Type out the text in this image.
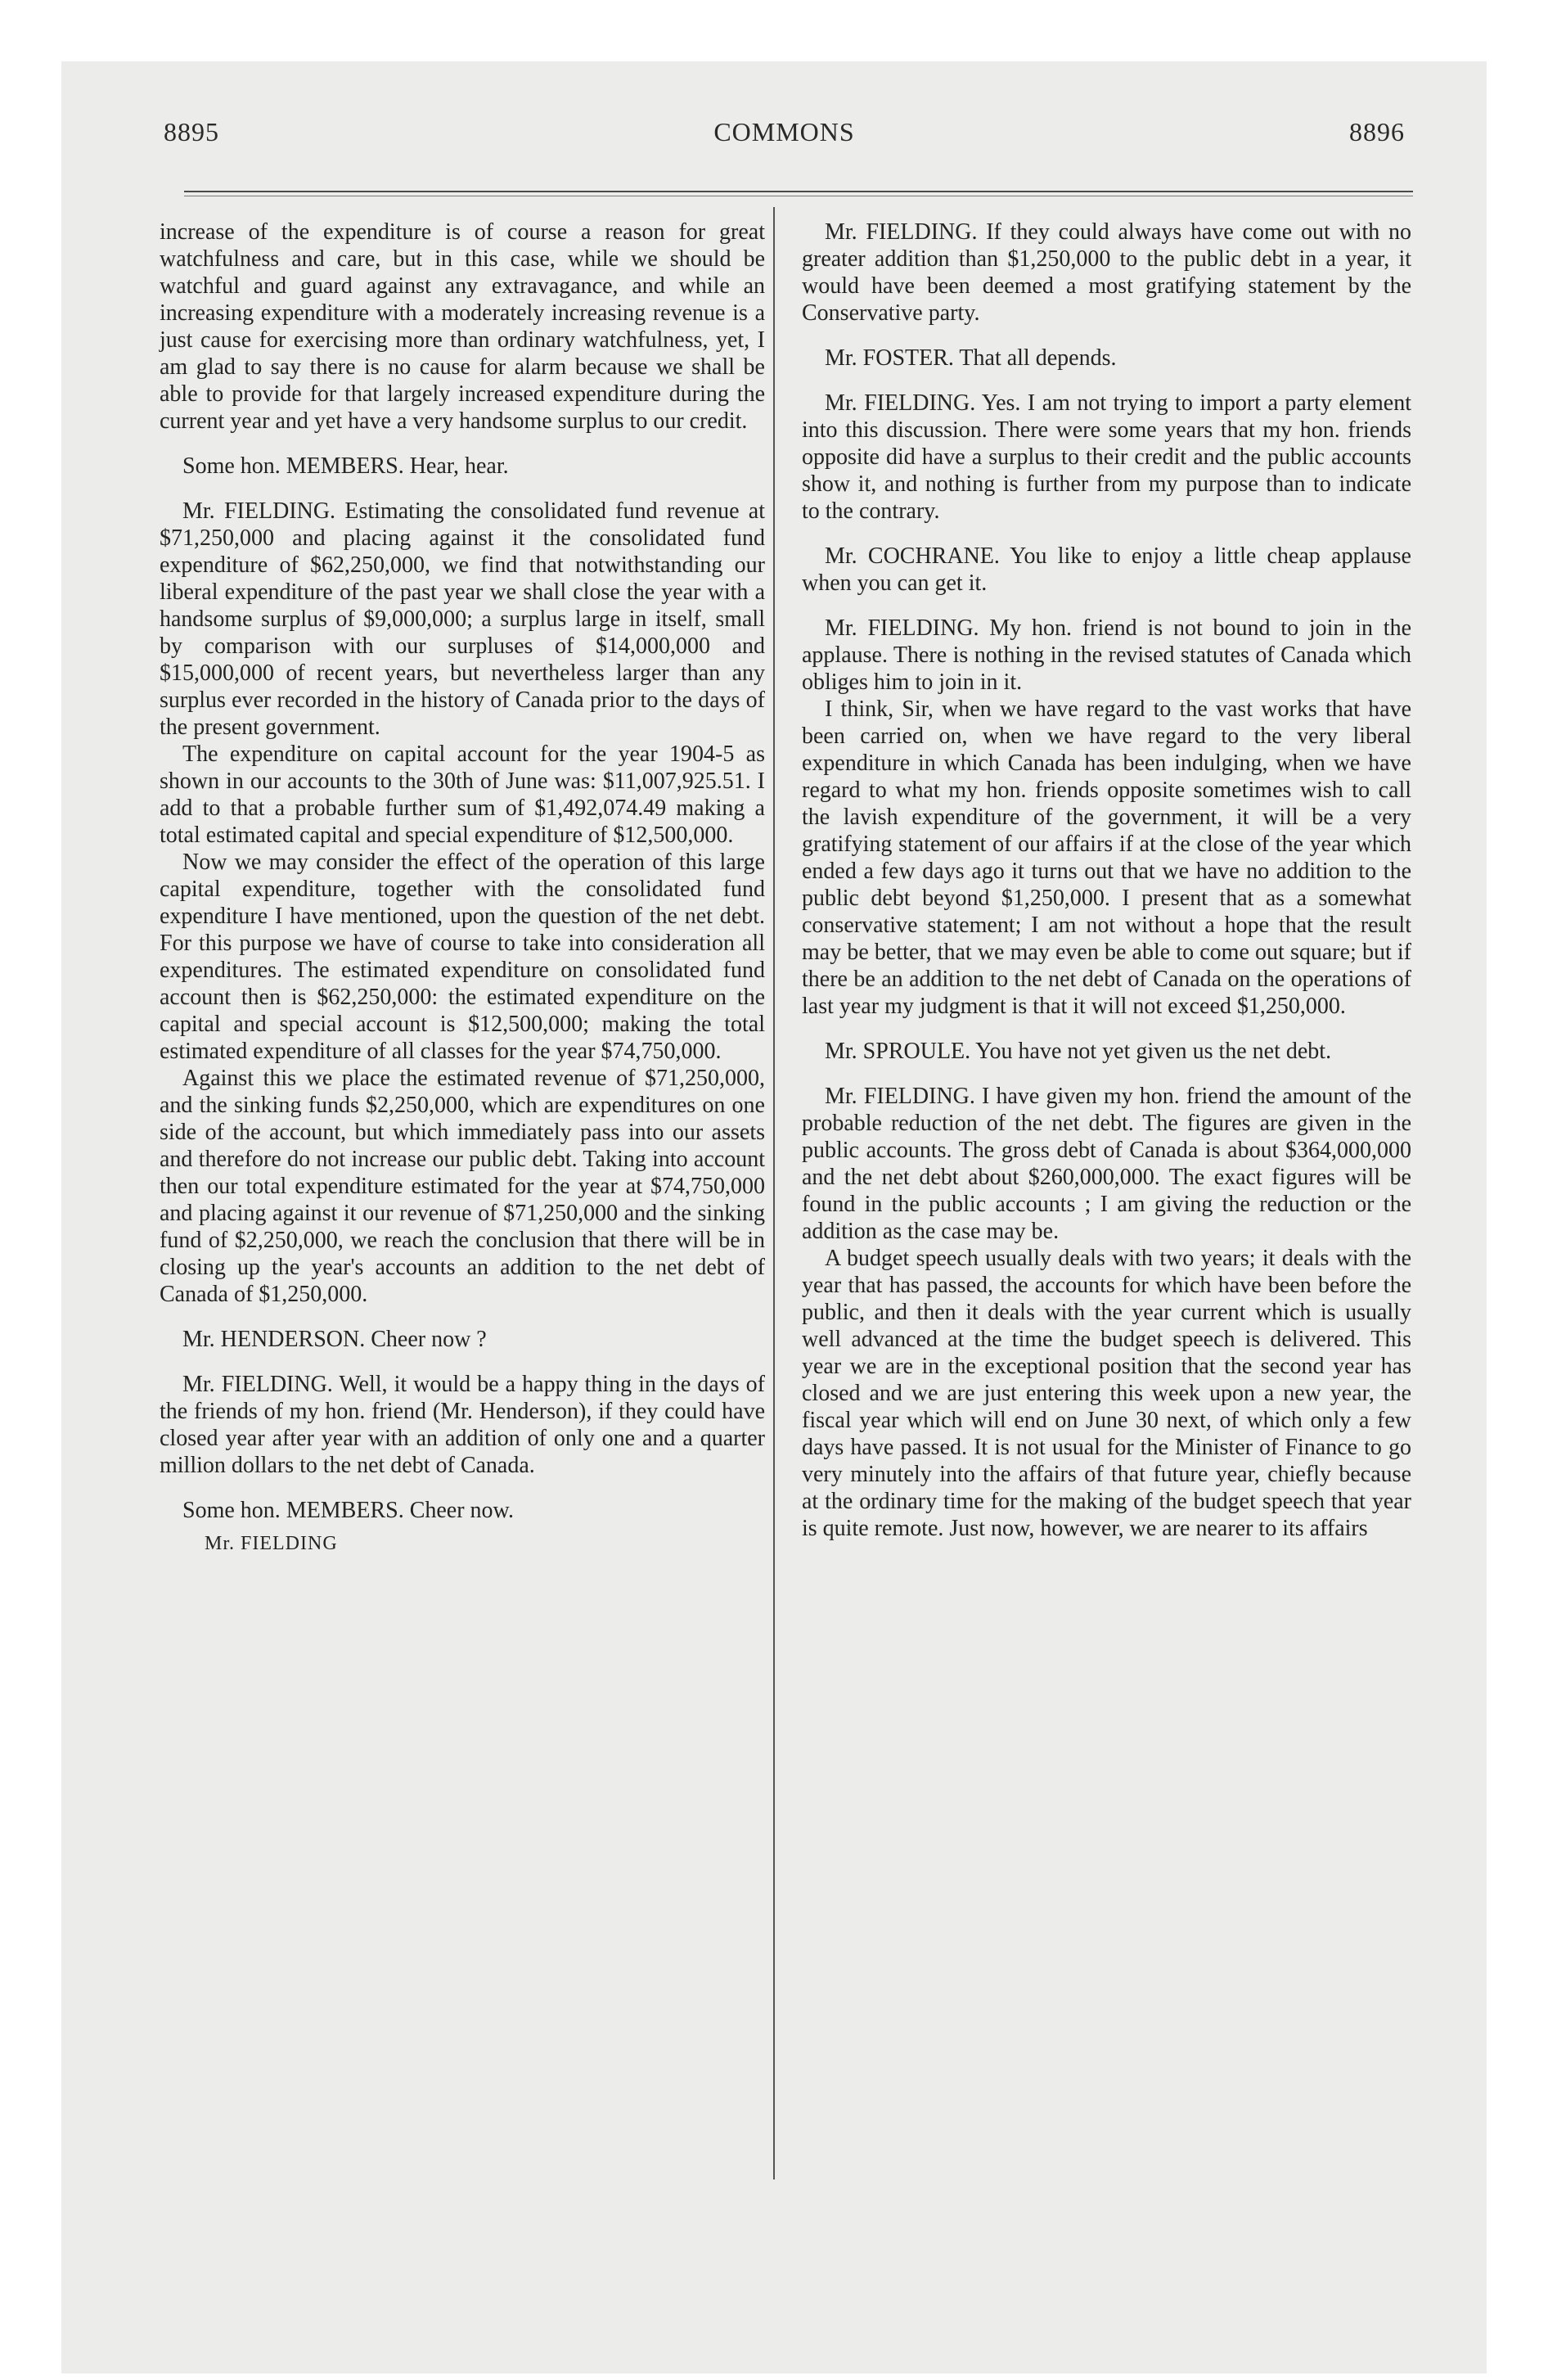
8895	COMMONS	8896

increase of the expenditure is of course a reason for great watchfulness and care, but in this case, while we should be watchful and guard against any extravagance, and while an increasing expenditure with a moderately increasing revenue is a just cause for exercising more than ordinary watchfulness, yet, I am glad to say there is no cause for alarm because we shall be able to provide for that largely increased expenditure during the current year and yet have a very handsome surplus to our credit.

Some hon. MEMBERS. Hear, hear.

Mr. FIELDING. Estimating the consolidated fund revenue at $71,250,000 and placing against it the consolidated fund expenditure of $62,250,000, we find that notwithstanding our liberal expenditure of the past year we shall close the year with a handsome surplus of $9,000,000; a surplus large in itself, small by comparison with our surpluses of $14,000,000 and $15,000,000 of recent years, but nevertheless larger than any surplus ever recorded in the history of Canada prior to the days of the present government.

The expenditure on capital account for the year 1904-5 as shown in our accounts to the 30th of June was: $11,007,925.51. I add to that a probable further sum of $1,492,074.49 making a total estimated capital and special expenditure of $12,500,000.

Now we may consider the effect of the operation of this large capital expenditure, together with the consolidated fund expenditure I have mentioned, upon the question of the net debt. For this purpose we have of course to take into consideration all expenditures. The estimated expenditure on consolidated fund account then is $62,250,000: the estimated expenditure on the capital and special account is $12,500,000; making the total estimated expenditure of all classes for the year $74,750,000.

Against this we place the estimated revenue of $71,250,000, and the sinking funds $2,250,000, which are expenditures on one side of the account, but which immediately pass into our assets and therefore do not increase our public debt. Taking into account then our total expenditure estimated for the year at $74,750,000 and placing against it our revenue of $71,250,000 and the sinking fund of $2,250,000, we reach the conclusion that there will be in closing up the year's accounts an addition to the net debt of Canada of $1,250,000.

Mr. HENDERSON. Cheer now ?

Mr. FIELDING. Well, it would be a happy thing in the days of the friends of my hon. friend (Mr. Henderson), if they could have closed year after year with an addition of only one and a quarter million dollars to the net debt of Canada.

Some hon. MEMBERS. Cheer now.

Mr. FIELDING

Mr. FIELDING. If they could always have come out with no greater addition than $1,250,000 to the public debt in a year, it would have been deemed a most gratifying statement by the Conservative party.

Mr. FOSTER. That all depends.

Mr. FIELDING. Yes. I am not trying to import a party element into this discussion. There were some years that my hon. friends opposite did have a surplus to their credit and the public accounts show it, and nothing is further from my purpose than to indicate to the contrary.

Mr. COCHRANE. You like to enjoy a little cheap applause when you can get it.

Mr. FIELDING. My hon. friend is not bound to join in the applause. There is nothing in the revised statutes of Canada which obliges him to join in it.

I think, Sir, when we have regard to the vast works that have been carried on, when we have regard to the very liberal expenditure in which Canada has been indulging, when we have regard to what my hon. friends opposite sometimes wish to call the lavish expenditure of the government, it will be a very gratifying statement of our affairs if at the close of the year which ended a few days ago it turns out that we have no addition to the public debt beyond $1,250,000. I present that as a somewhat conservative statement; I am not without a hope that the result may be better, that we may even be able to come out square; but if there be an addition to the net debt of Canada on the operations of last year my judgment is that it will not exceed $1,250,000.

Mr. SPROULE. You have not yet given us the net debt.

Mr. FIELDING. I have given my hon. friend the amount of the probable reduction of the net debt. The figures are given in the public accounts. The gross debt of Canada is about $364,000,000 and the net debt about $260,000,000. The exact figures will be found in the public accounts ; I am giving the reduction or the addition as the case may be.

A budget speech usually deals with two years; it deals with the year that has passed, the accounts for which have been before the public, and then it deals with the year current which is usually well advanced at the time the budget speech is delivered. This year we are in the exceptional position that the second year has closed and we are just entering this week upon a new year, the fiscal year which will end on June 30 next, of which only a few days have passed. It is not usual for the Minister of Finance to go very minutely into the affairs of that future year, chiefly because at the ordinary time for the making of the budget speech that year is quite remote. Just now, however, we are nearer to its affairs
